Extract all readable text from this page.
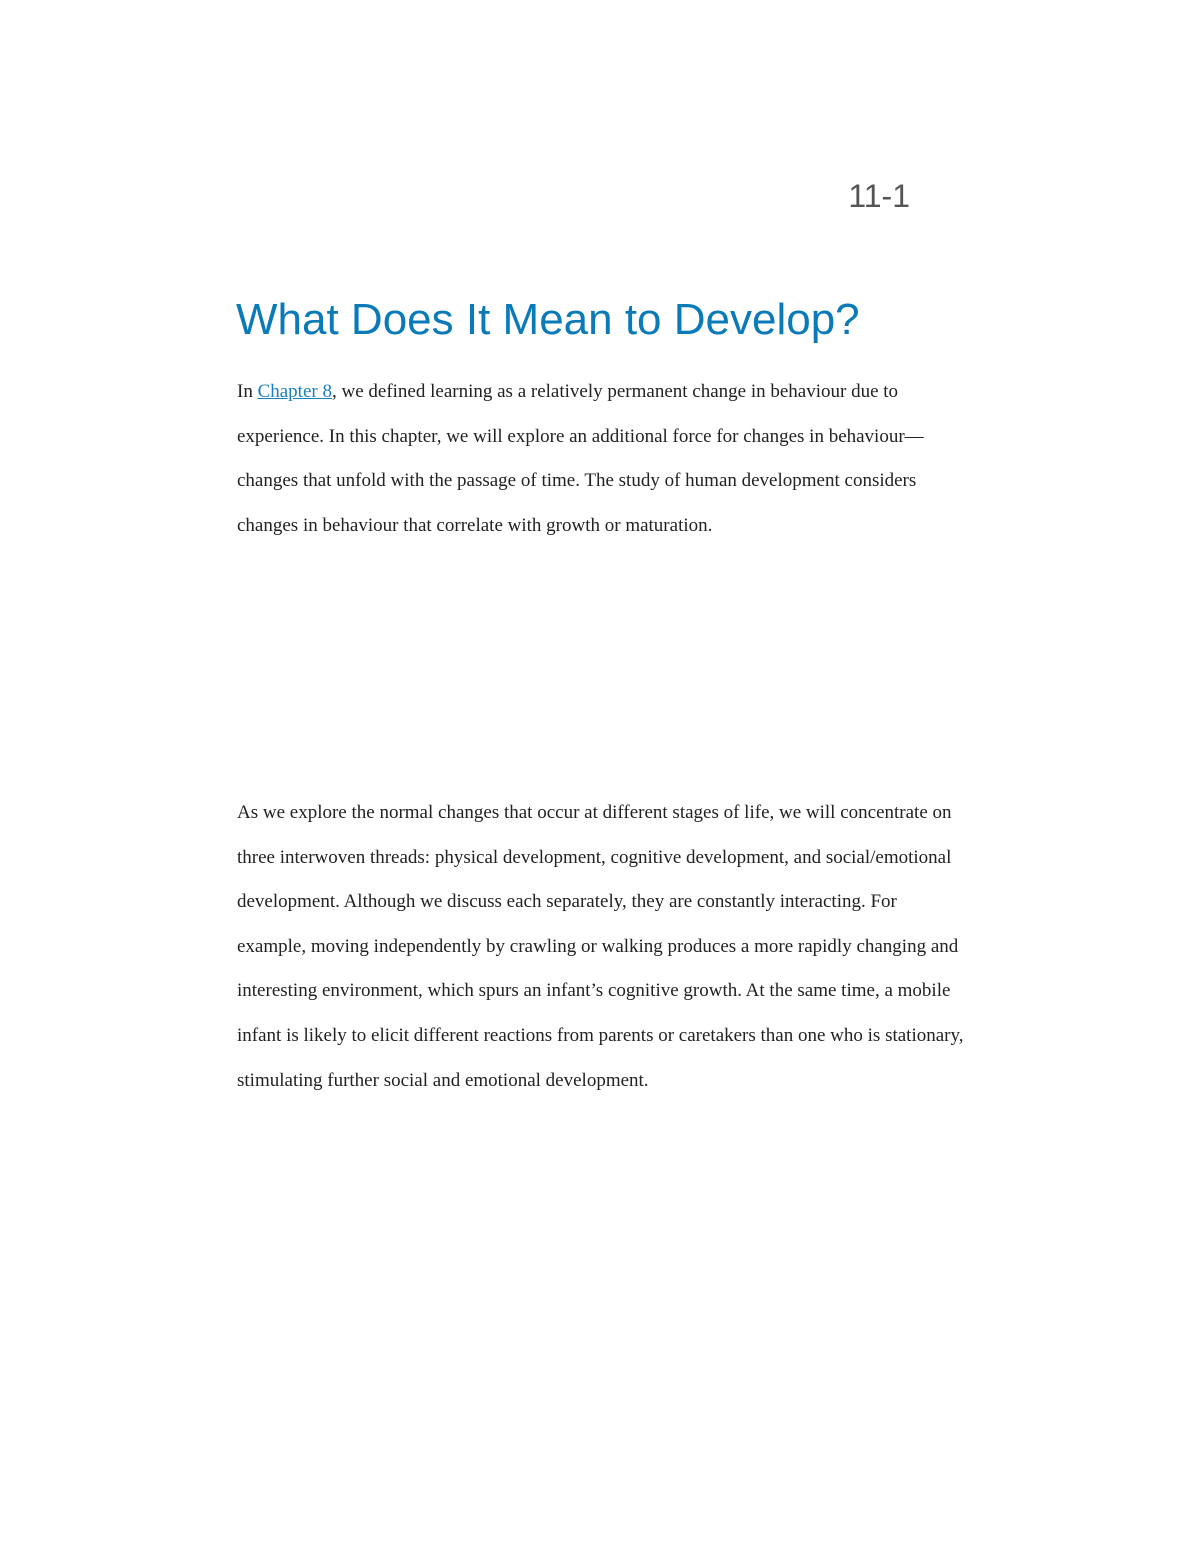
11-1
What Does It Mean to Develop?

In Chapter 8, we defined learning as a relatively permanent change in behaviour due to experience. In this chapter, we will explore an additional force for changes in behaviour—changes that unfold with the passage of time. The study of human development considers changes in behaviour that correlate with growth or maturation.

As we explore the normal changes that occur at different stages of life, we will concentrate on three interwoven threads: physical development, cognitive development, and social/emotional development. Although we discuss each separately, they are constantly interacting. For example, moving independently by crawling or walking produces a more rapidly changing and interesting environment, which spurs an infant’s cognitive growth. At the same time, a mobile infant is likely to elicit different reactions from parents or caretakers than one who is stationary, stimulating further social and emotional development.
